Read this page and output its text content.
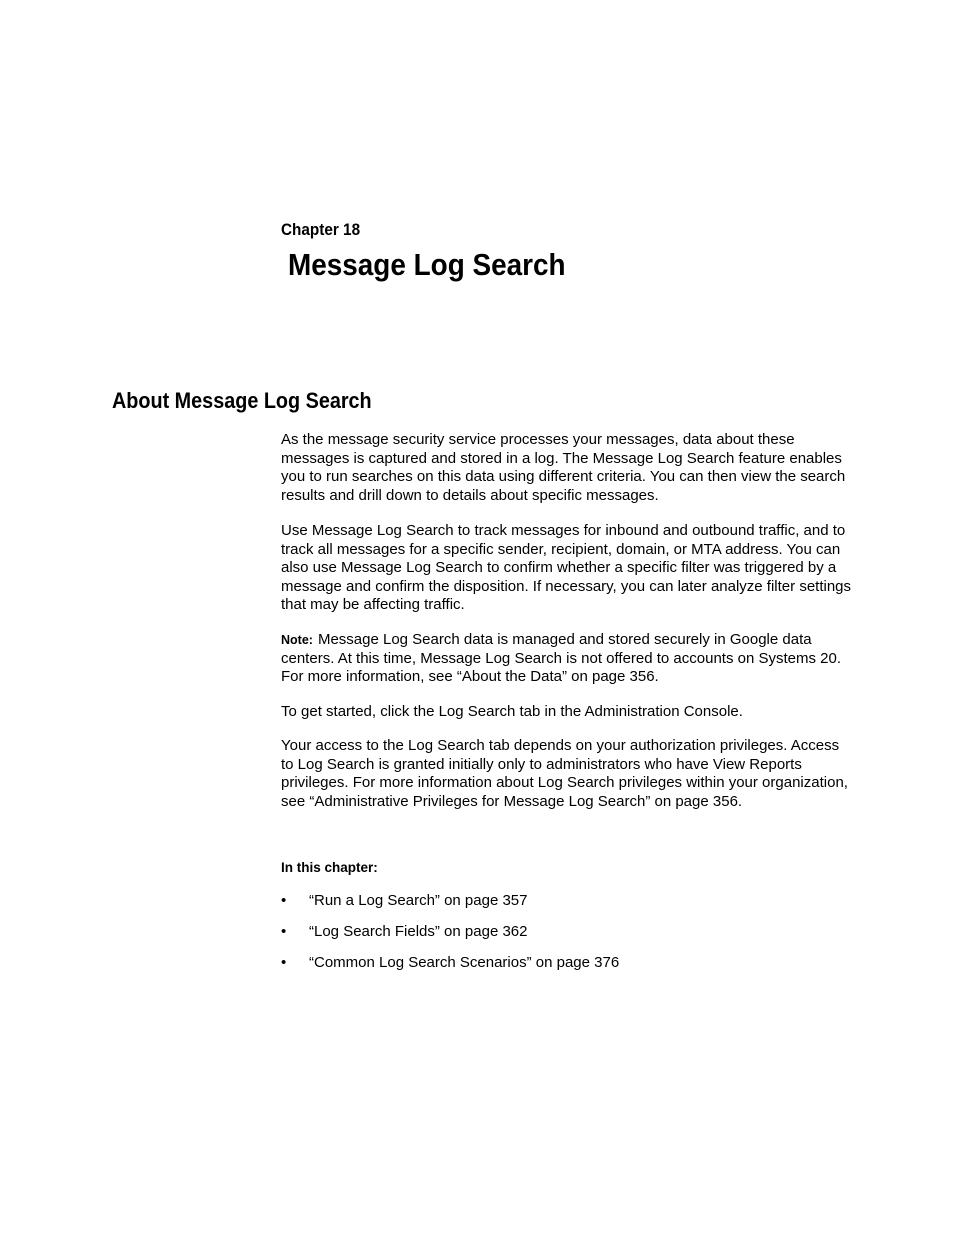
Chapter 18
Message Log Search
About Message Log Search

As the message security service processes your messages, data about these messages is captured and stored in a log. The Message Log Search feature enables you to run searches on this data using different criteria. You can then view the search results and drill down to details about specific messages.

Use Message Log Search to track messages for inbound and outbound traffic, and to track all messages for a specific sender, recipient, domain, or MTA address. You can also use Message Log Search to confirm whether a specific filter was triggered by a message and confirm the disposition. If necessary, you can later analyze filter settings that may be affecting traffic.

Note: Message Log Search data is managed and stored securely in Google data centers. At this time, Message Log Search is not offered to accounts on Systems 20. For more information, see “About the Data” on page 356.

To get started, click the Log Search tab in the Administration Console.

Your access to the Log Search tab depends on your authorization privileges. Access to Log Search is granted initially only to administrators who have View Reports privileges. For more information about Log Search privileges within your organization, see “Administrative Privileges for Message Log Search” on page 356.

In this chapter:
•	“Run a Log Search” on page 357
•	“Log Search Fields” on page 362
•	“Common Log Search Scenarios” on page 376
